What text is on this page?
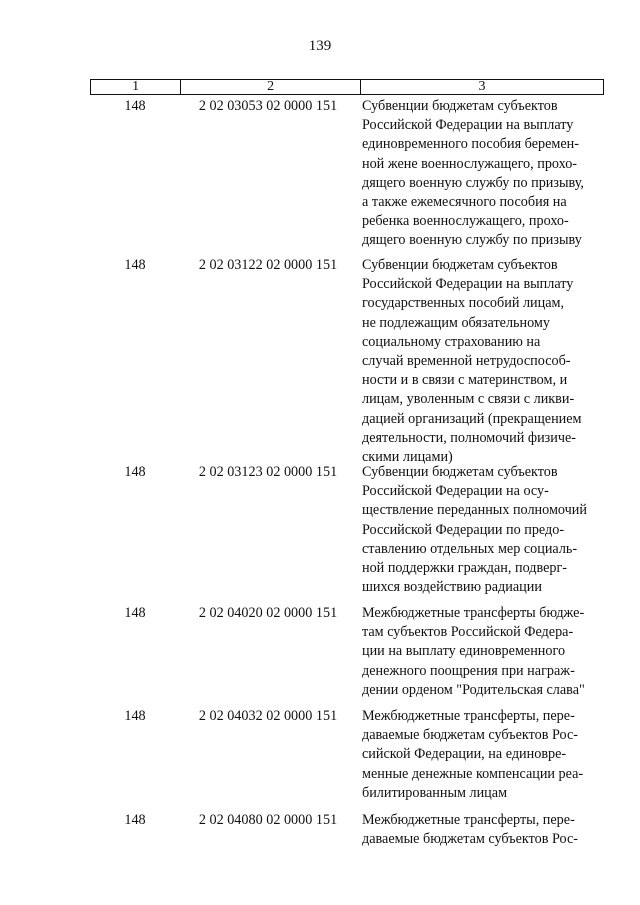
139
1	2	3
148	2 02 03053 02 0000 151	Субвенции бюджетам субъектов
Российской Федерации на выплату
единовременного пособия беремен-
ной жене военнослужащего, прохо-
дящего военную службу по призыву,
а также ежемесячного пособия на
ребенка военнослужащего, прохо-
дящего военную службу по призыву
148	2 02 03122 02 0000 151	Субвенции бюджетам субъектов
Российской Федерации на выплату
государственных пособий лицам,
не подлежащим обязательному
социальному страхованию на
случай временной нетрудоспособ-
ности и в связи с материнством, и
лицам, уволенным с связи с ликви-
дацией организаций (прекращением
деятельности, полномочий физиче-
скими лицами)
148	2 02 03123 02 0000 151	Субвенции бюджетам субъектов
Российской Федерации на осу-
ществление переданных полномочий
Российской Федерации по предо-
ставлению отдельных мер социаль-
ной поддержки граждан, подверг-
шихся воздействию радиации
148	2 02 04020 02 0000 151	Межбюджетные трансферты бюдже-
там субъектов Российской Федера-
ции на выплату единовременного
денежного поощрения при награж-
дении орденом "Родительская слава"
148	2 02 04032 02 0000 151	Межбюджетные трансферты, пере-
даваемые бюджетам субъектов Рос-
сийской Федерации, на единовре-
менные денежные компенсации реа-
билитированным лицам
148	2 02 04080 02 0000 151	Межбюджетные трансферты, пере-
даваемые бюджетам субъектов Рос-
